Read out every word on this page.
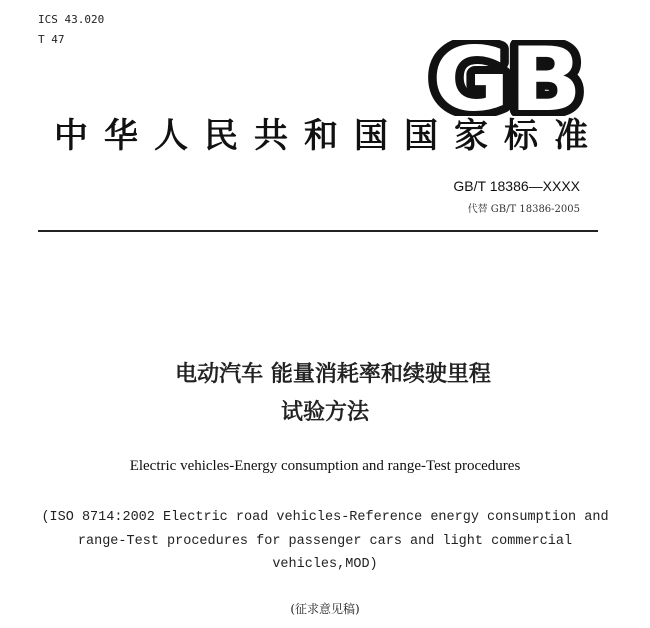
ICS 43.020
T 47	GB
中华人民共和国国家标准
GB/T 18386—XXXX
代替 GB/T 18386-2005
电动汽车 能量消耗率和续驶里程
试验方法
Electric vehicles-Energy consumption and range-Test procedures
(ISO 8714:2002 Electric road vehicles-Reference energy consumption and
range-Test procedures for passenger cars and light commercial
vehicles,MOD)
(征求意见稿)
